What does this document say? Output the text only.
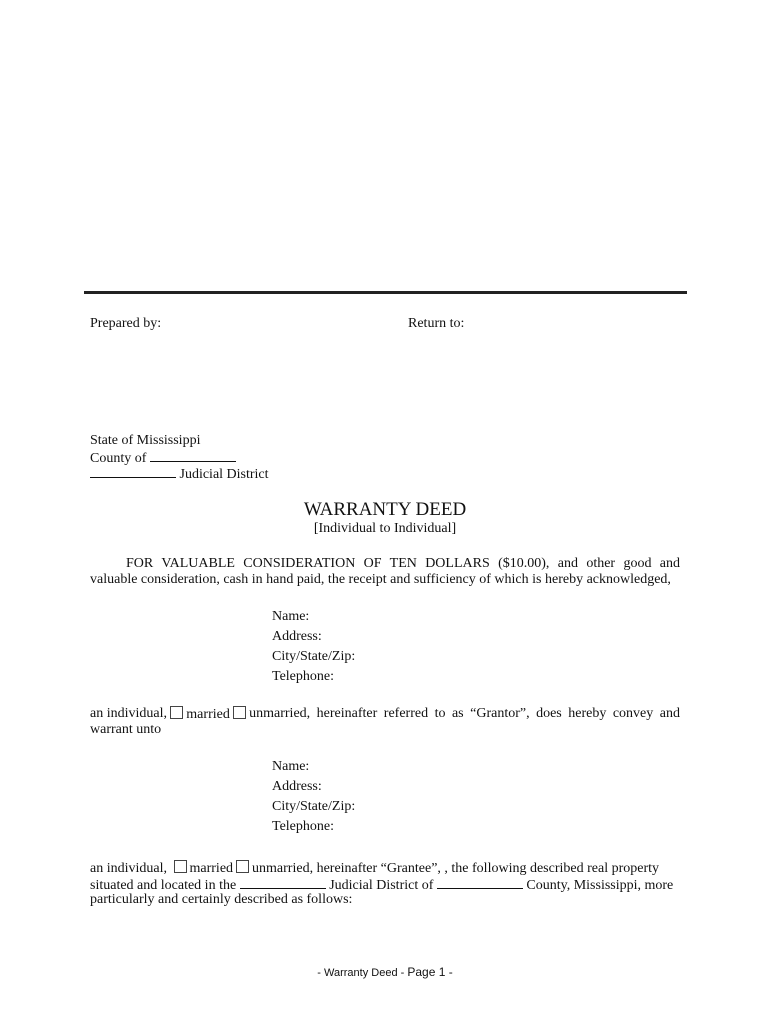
Prepared by:	Return to:
State of Mississippi
County of
Judicial District
WARRANTY DEED
[Individual to Individual]
FOR VALUABLE CONSIDERATION OF TEN DOLLARS ($10.00), and other good and
valuable consideration, cash in hand paid, the receipt and sufficiency of which is hereby acknowledged,
Name:
Address:
City/State/Zip:
Telephone:
an individual,	married	unmarried, hereinafter referred to as “Grantor”, does hereby convey and
warrant unto
Name:
Address:
City/State/Zip:
Telephone:
an individual, married unmarried, hereinafter “Grantee”, , the following described real property
situated and located in the	Judicial District of	County, Mississippi, more
particularly and certainly described as follows:
- Warranty Deed - Page 1 -
